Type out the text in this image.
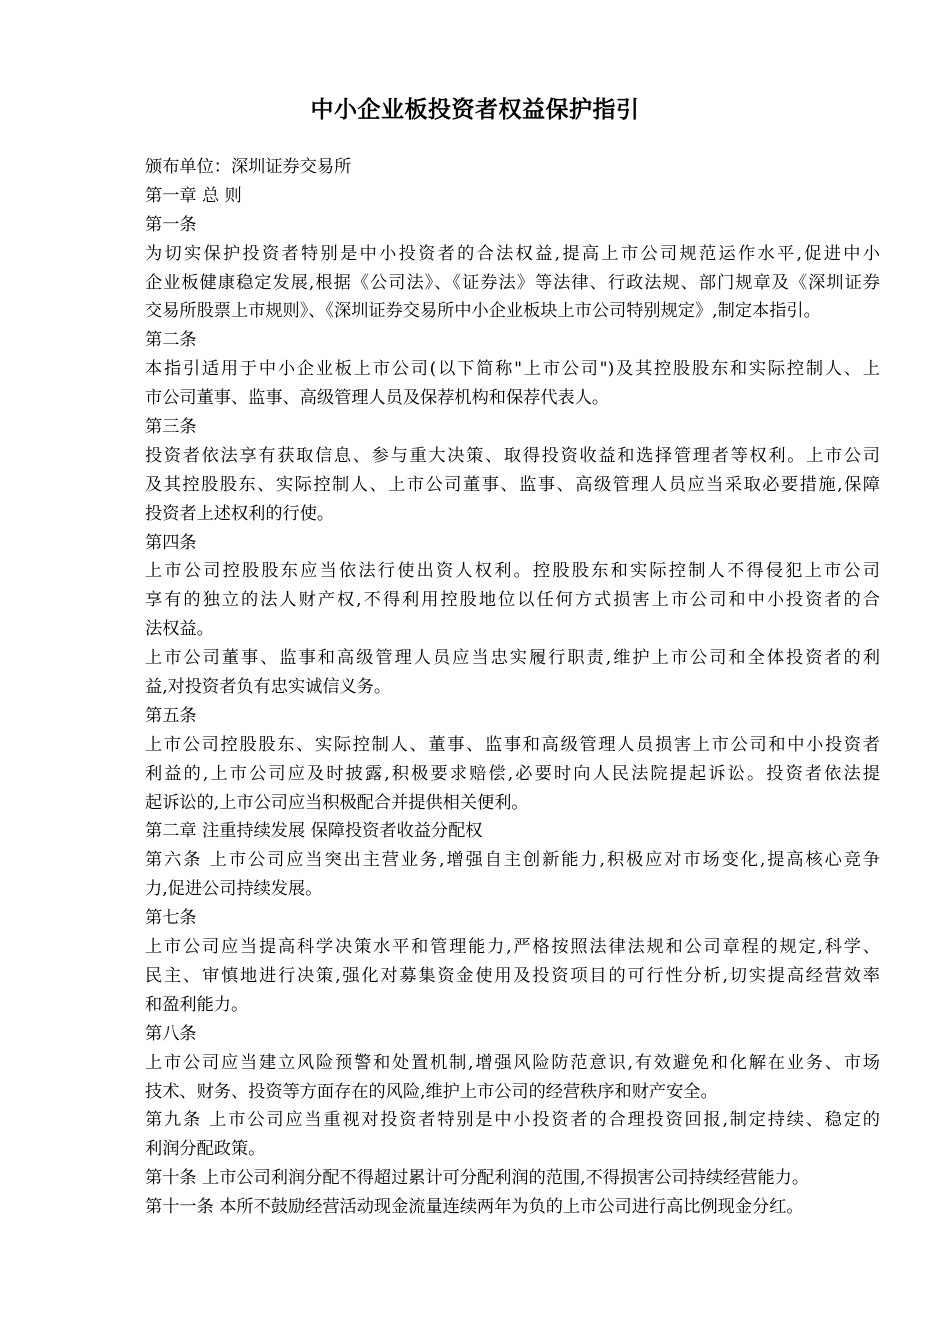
中小企业板投资者权益保护指引
颁布单位：深圳证券交易所
第一章 总 则
第一条
为切实保护投资者特别是中小投资者的合法权益,提高上市公司规范运作水平,促进中小
企业板健康稳定发展,根据《公司法》、《证券法》等法律、行政法规、部门规章及《深圳证券
交易所股票上市规则》、《深圳证券交易所中小企业板块上市公司特别规定》,制定本指引。
第二条
本指引适用于中小企业板上市公司(以下简称"上市公司")及其控股股东和实际控制人、上
市公司董事、监事、高级管理人员及保荐机构和保荐代表人。
第三条
投资者依法享有获取信息、参与重大决策、取得投资收益和选择管理者等权利。上市公司
及其控股股东、实际控制人、上市公司董事、监事、高级管理人员应当采取必要措施,保障
投资者上述权利的行使。
第四条
上市公司控股股东应当依法行使出资人权利。控股股东和实际控制人不得侵犯上市公司
享有的独立的法人财产权,不得利用控股地位以任何方式损害上市公司和中小投资者的合
法权益。
上市公司董事、监事和高级管理人员应当忠实履行职责,维护上市公司和全体投资者的利
益,对投资者负有忠实诚信义务。
第五条
上市公司控股股东、实际控制人、董事、监事和高级管理人员损害上市公司和中小投资者
利益的,上市公司应及时披露,积极要求赔偿,必要时向人民法院提起诉讼。投资者依法提
起诉讼的,上市公司应当积极配合并提供相关便利。
第二章 注重持续发展 保障投资者收益分配权
第六条 上市公司应当突出主营业务,增强自主创新能力,积极应对市场变化,提高核心竞争
力,促进公司持续发展。
第七条
上市公司应当提高科学决策水平和管理能力,严格按照法律法规和公司章程的规定,科学、
民主、审慎地进行决策,强化对募集资金使用及投资项目的可行性分析,切实提高经营效率
和盈利能力。
第八条
上市公司应当建立风险预警和处置机制,增强风险防范意识,有效避免和化解在业务、市场
技术、财务、投资等方面存在的风险,维护上市公司的经营秩序和财产安全。
第九条 上市公司应当重视对投资者特别是中小投资者的合理投资回报,制定持续、稳定的
利润分配政策。
第十条 上市公司利润分配不得超过累计可分配利润的范围,不得损害公司持续经营能力。
第十一条 本所不鼓励经营活动现金流量连续两年为负的上市公司进行高比例现金分红。
